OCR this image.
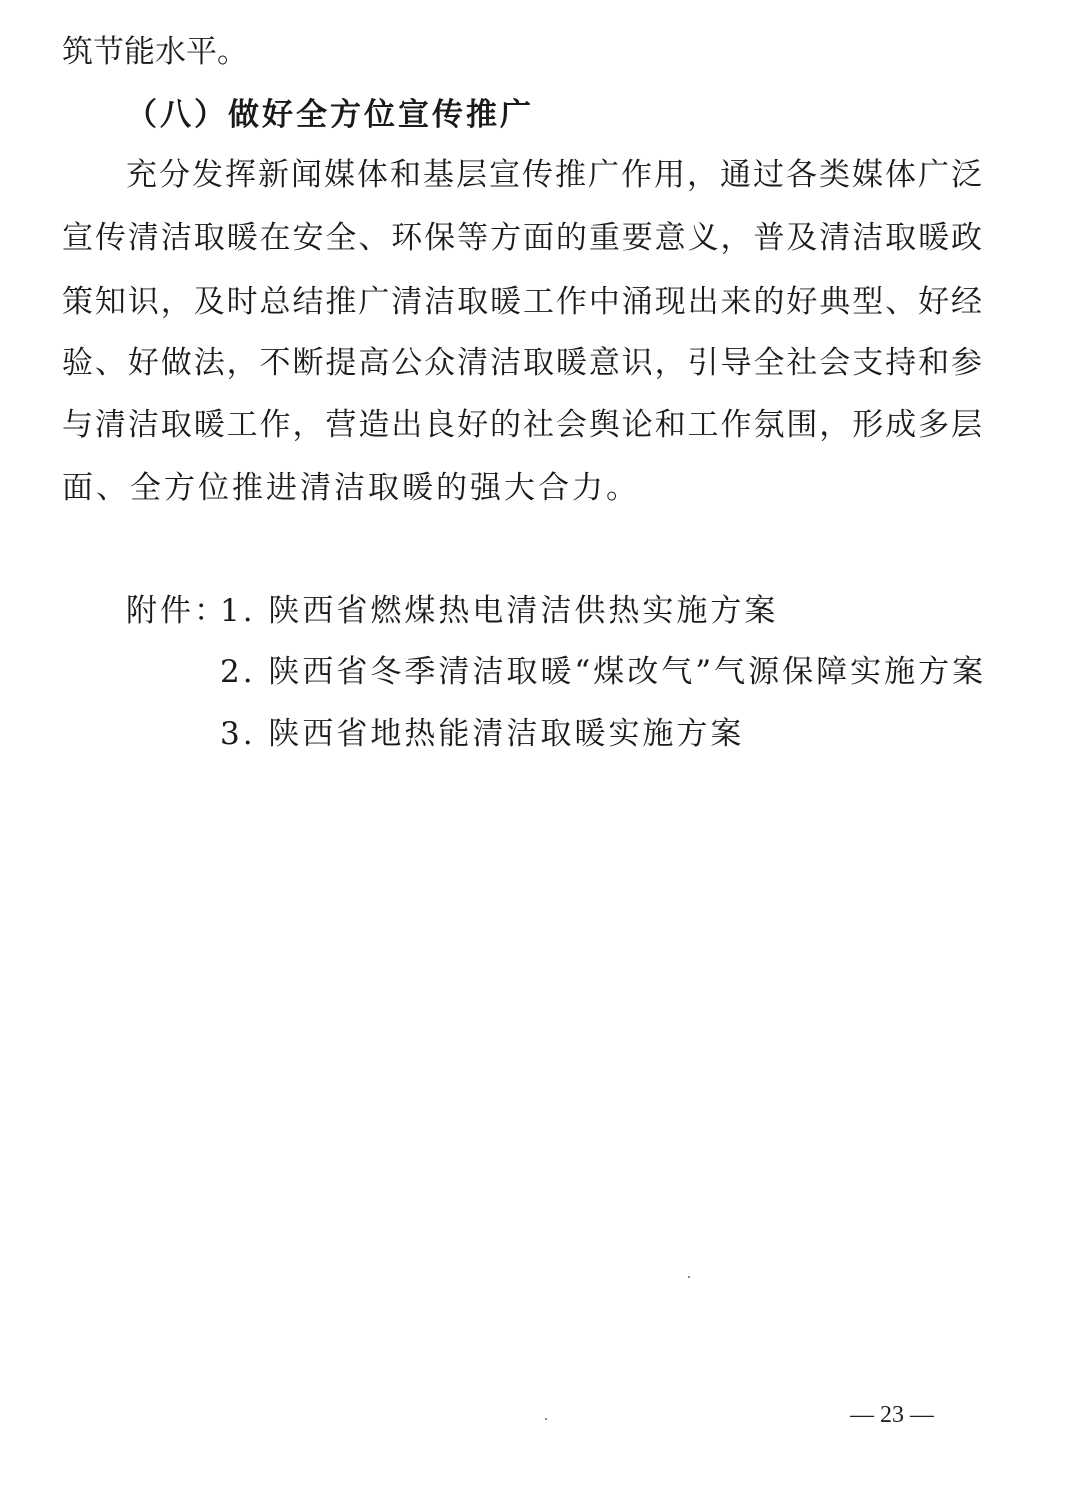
筑节能水平。
（八）做好全方位宣传推广
充分发挥新闻媒体和基层宣传推广作用，通过各类媒体广泛
宣传清洁取暖在安全、环保等方面的重要意义，普及清洁取暖政
策知识，及时总结推广清洁取暖工作中涌现出来的好典型、好经
验、好做法，不断提高公众清洁取暖意识，引导全社会支持和参
与清洁取暖工作，营造出良好的社会舆论和工作氛围，形成多层
面、全方位推进清洁取暖的强大合力。
附件：
1. 陕西省燃煤热电清洁供热实施方案
2. 陕西省冬季清洁取暖“煤改气”气源保障实施方案
3. 陕西省地热能清洁取暖实施方案
— 23 —
